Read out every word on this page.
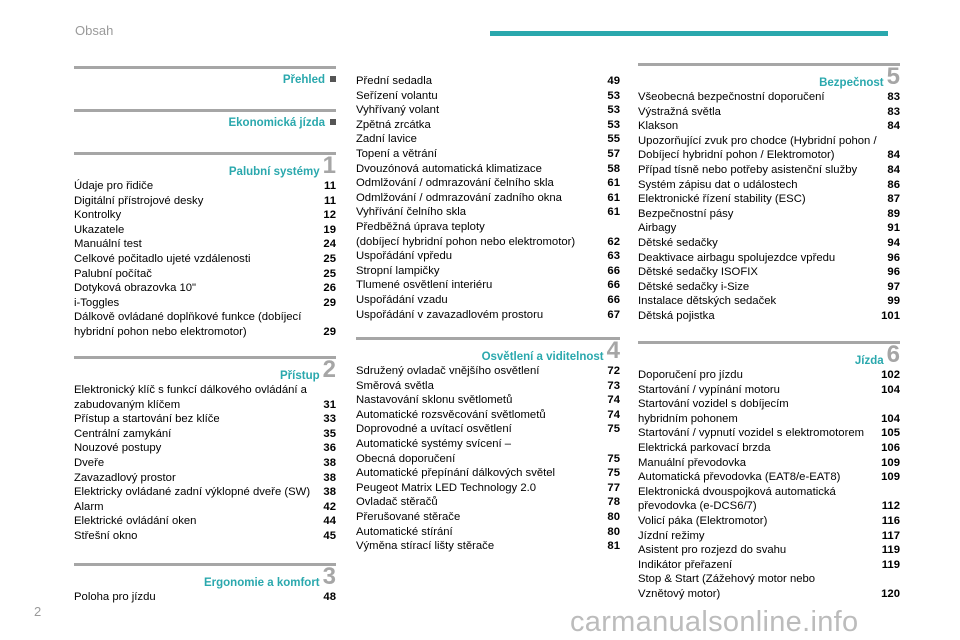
Obsah
Přehled
Ekonomická jízda
Palubní systémy 1
Údaje pro řidiče	11
Digitální přístrojové desky	11
Kontrolky	12
Ukazatele	19
Manuální test	24
Celkové počitadlo ujeté vzdálenosti	25
Palubní počítač	25
Dotyková obrazovka 10"	26
i-Toggles	29
Dálkově ovládané doplňkové funkce (dobíjecí
hybridní pohon nebo elektromotor)	29
Přístup 2
Elektronický klíč s funkcí dálkového ovládání a
zabudovaným klíčem	31
Přístup a startování bez klíče	33
Centrální zamykání	35
Nouzové postupy	36
Dveře	38
Zavazadlový prostor	38
Elektricky ovládané zadní výklopné dveře (SW)	38
Alarm	42
Elektrické ovládání oken	44
Střešní okno	45
Ergonomie a komfort 3
Poloha pro jízdu	48
Přední sedadla	49
Seřízení volantu	53
Vyhřívaný volant	53
Zpětná zrcátka	53
Zadní lavice	55
Topení a větrání	57
Dvouzónová automatická klimatizace	58
Odmlžování / odmrazování čelního skla	61
Odmlžování / odmrazování zadního okna	61
Vyhřívání čelního skla	61
Předběžná úprava teploty
(dobíjecí hybridní pohon nebo elektromotor)	62
Uspořádání vpředu	63
Stropní lampičky	66
Tlumené osvětlení interiéru	66
Uspořádání vzadu	66
Uspořádání v zavazadlovém prostoru	67
Osvětlení a viditelnost 4
Sdružený ovladač vnějšího osvětlení	72
Směrová světla	73
Nastavování sklonu světlometů	74
Automatické rozsvěcování světlometů	74
Doprovodné a uvítací osvětlení	75
Automatické systémy svícení –
Obecná doporučení	75
Automatické přepínání dálkových světel	75
Peugeot Matrix LED Technology 2.0	77
Ovladač stěračů	78
Přerušované stěrače	80
Automatické stírání	80
Výměna stírací lišty stěrače	81
Bezpečnost 5
Všeobecná bezpečnostní doporučení	83
Výstražná světla	83
Klakson	84
Upozorňující zvuk pro chodce (Hybridní pohon /
Dobíjecí hybridní pohon / Elektromotor)	84
Případ tísně nebo potřeby asistenční služby	84
Systém zápisu dat o událostech	86
Elektronické řízení stability (ESC)	87
Bezpečnostní pásy	89
Airbagy	91
Dětské sedačky	94
Deaktivace airbagu spolujezdce vpředu	96
Dětské sedačky ISOFIX	96
Dětské sedačky i-Size	97
Instalace dětských sedaček	99
Dětská pojistka	101
Jízda 6
Doporučení pro jízdu	102
Startování / vypínání motoru	104
Startování vozidel s dobíjecím
hybridním pohonem	104
Startování / vypnutí vozidel s elektromotorem	105
Elektrická parkovací brzda	106
Manuální převodovka	109
Automatická převodovka (EAT8/e-EAT8)	109
Elektronická dvouspojková automatická
převodovka (e-DCS6/7)	112
Volicí páka (Elektromotor)	116
Jízdní režimy	117
Asistent pro rozjezd do svahu	119
Indikátor přeřazení	119
Stop & Start (Zážehový motor nebo
Vznětový motor)	120
2	carmanualsonline.info
